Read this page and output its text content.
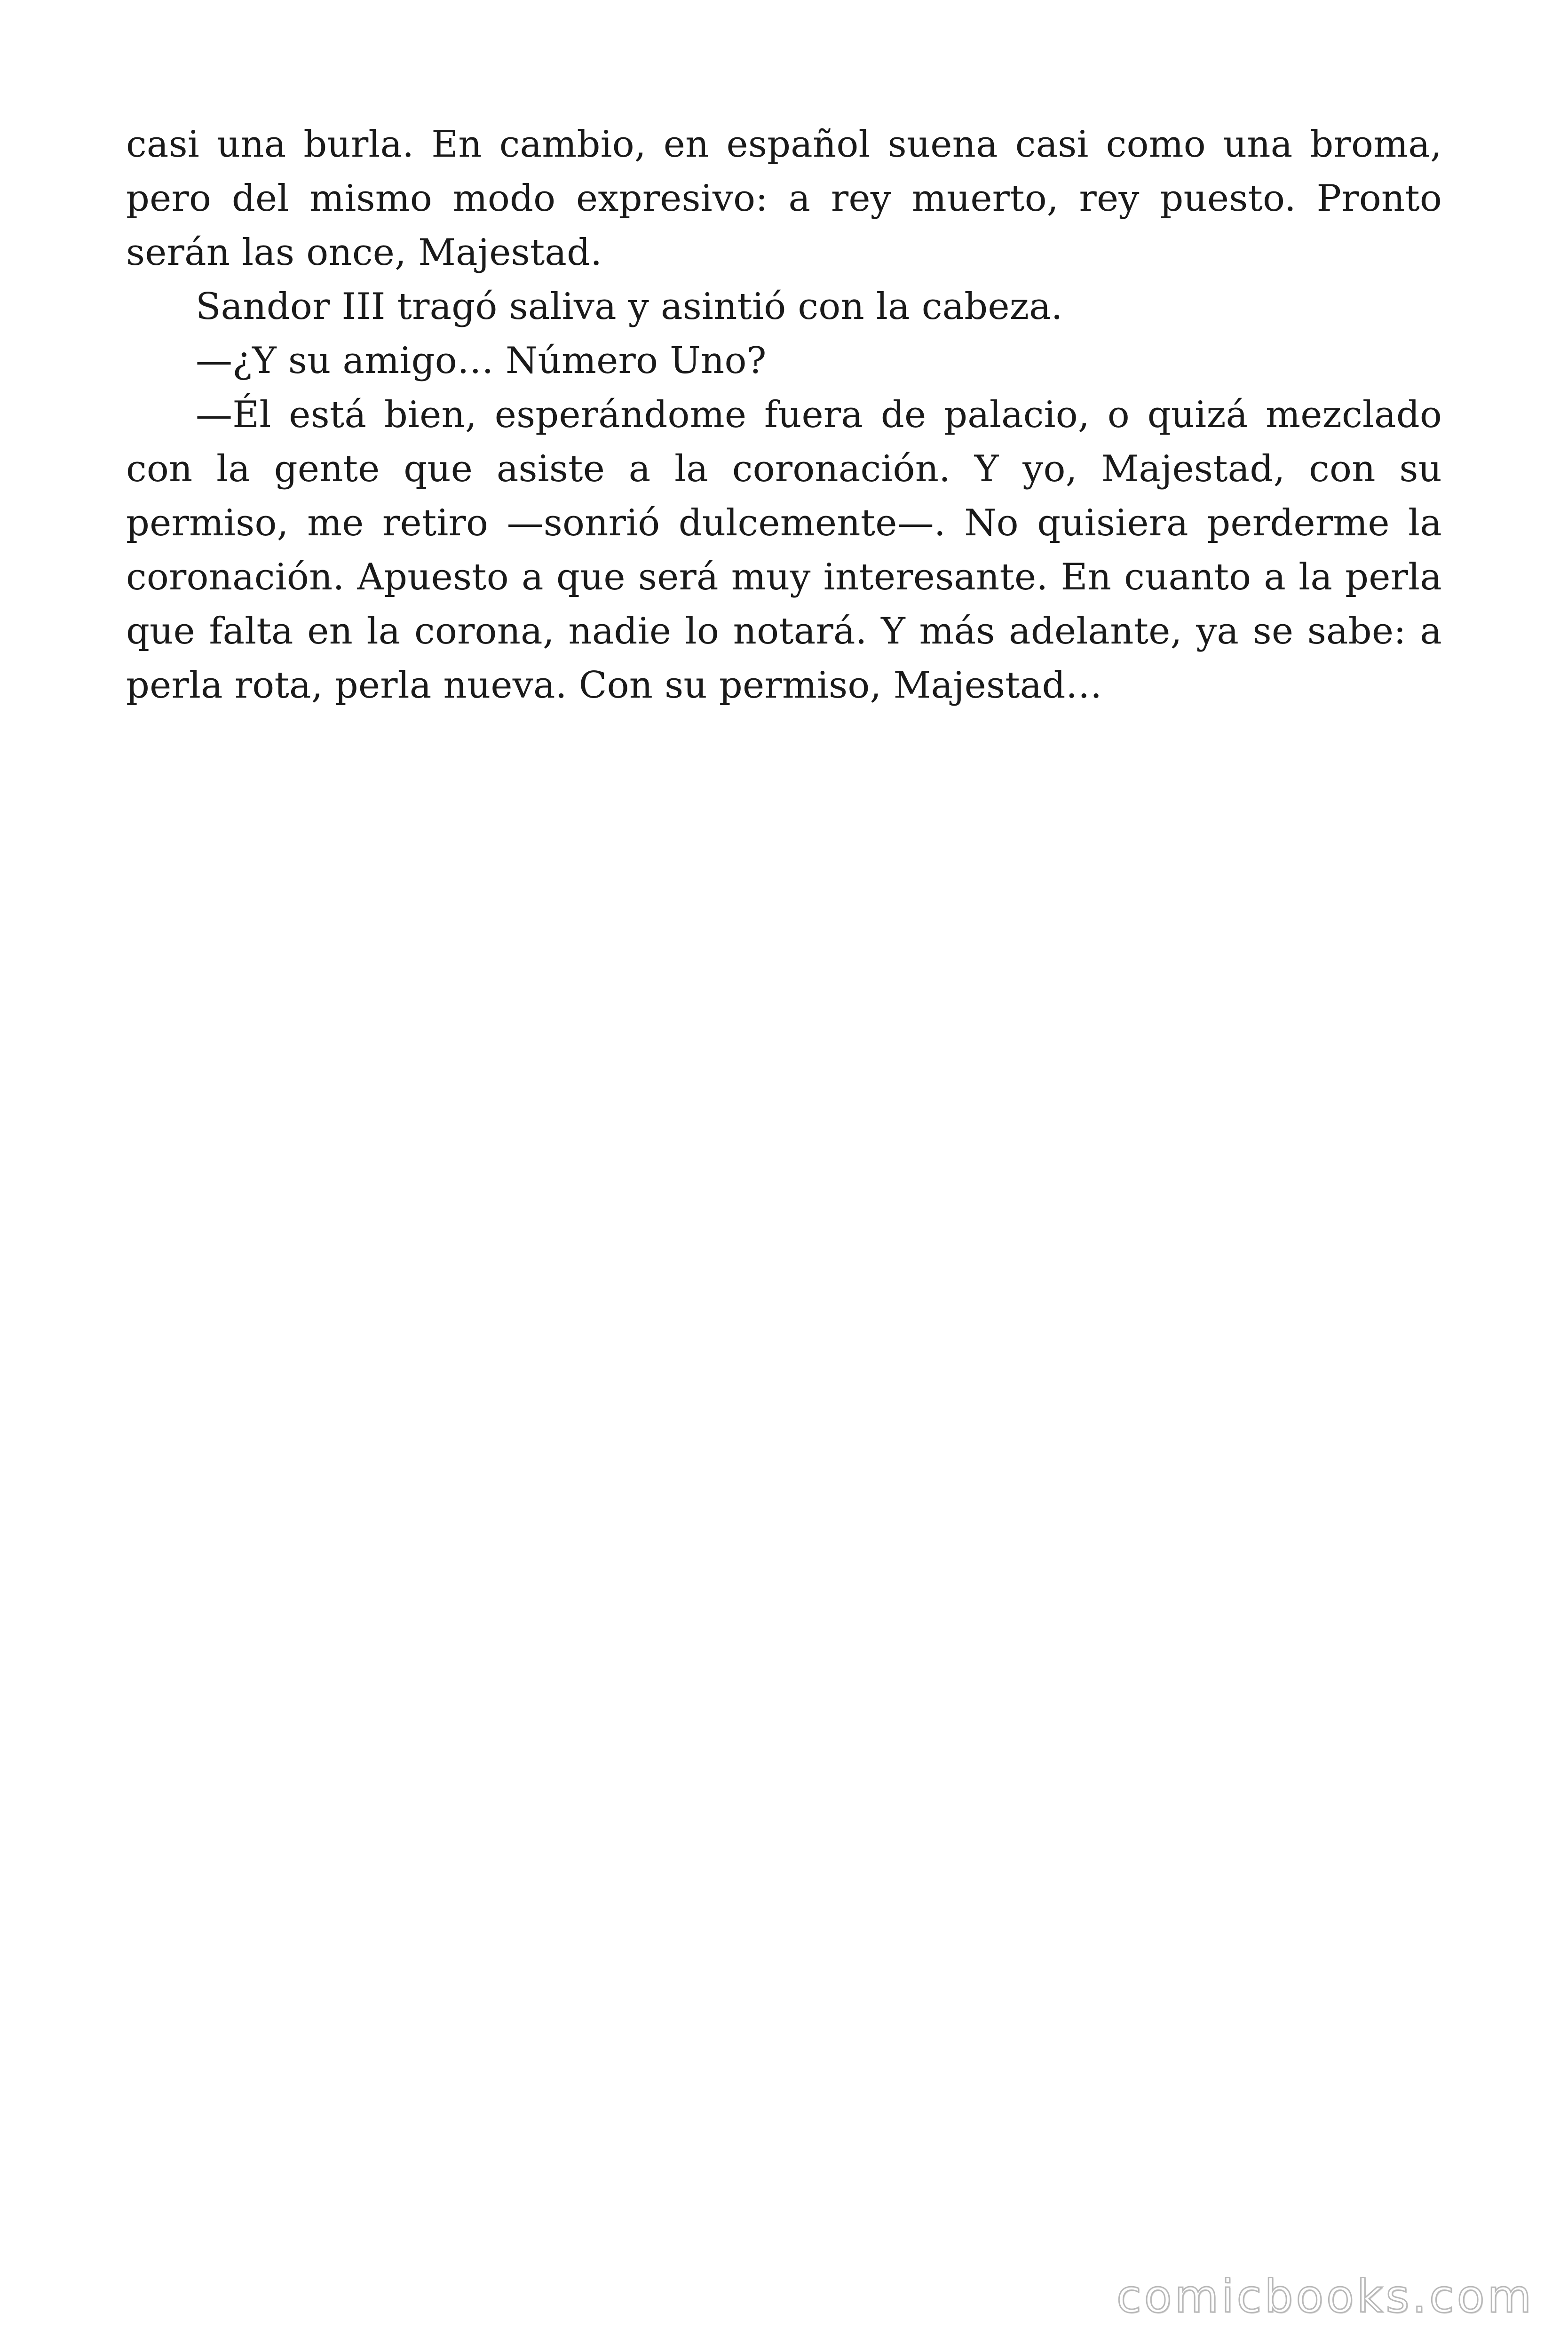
casi una burla. En cambio, en español suena casi como una broma, pero del mismo modo expresivo: a rey muerto, rey puesto. Pronto serán las once, Majestad.

Sandor III tragó saliva y asintió con la cabeza.

—¿Y su amigo… Número Uno?

—Él está bien, esperándome fuera de palacio, o quizá mezclado con la gente que asiste a la coronación. Y yo, Majestad, con su permiso, me retiro —sonrió dulcemente—. No quisiera perderme la coronación. Apuesto a que será muy interesante. En cuanto a la perla que falta en la corona, nadie lo notará. Y más adelante, ya se sabe: a perla rota, perla nueva. Con su permiso, Majestad…

comicbooks.com
